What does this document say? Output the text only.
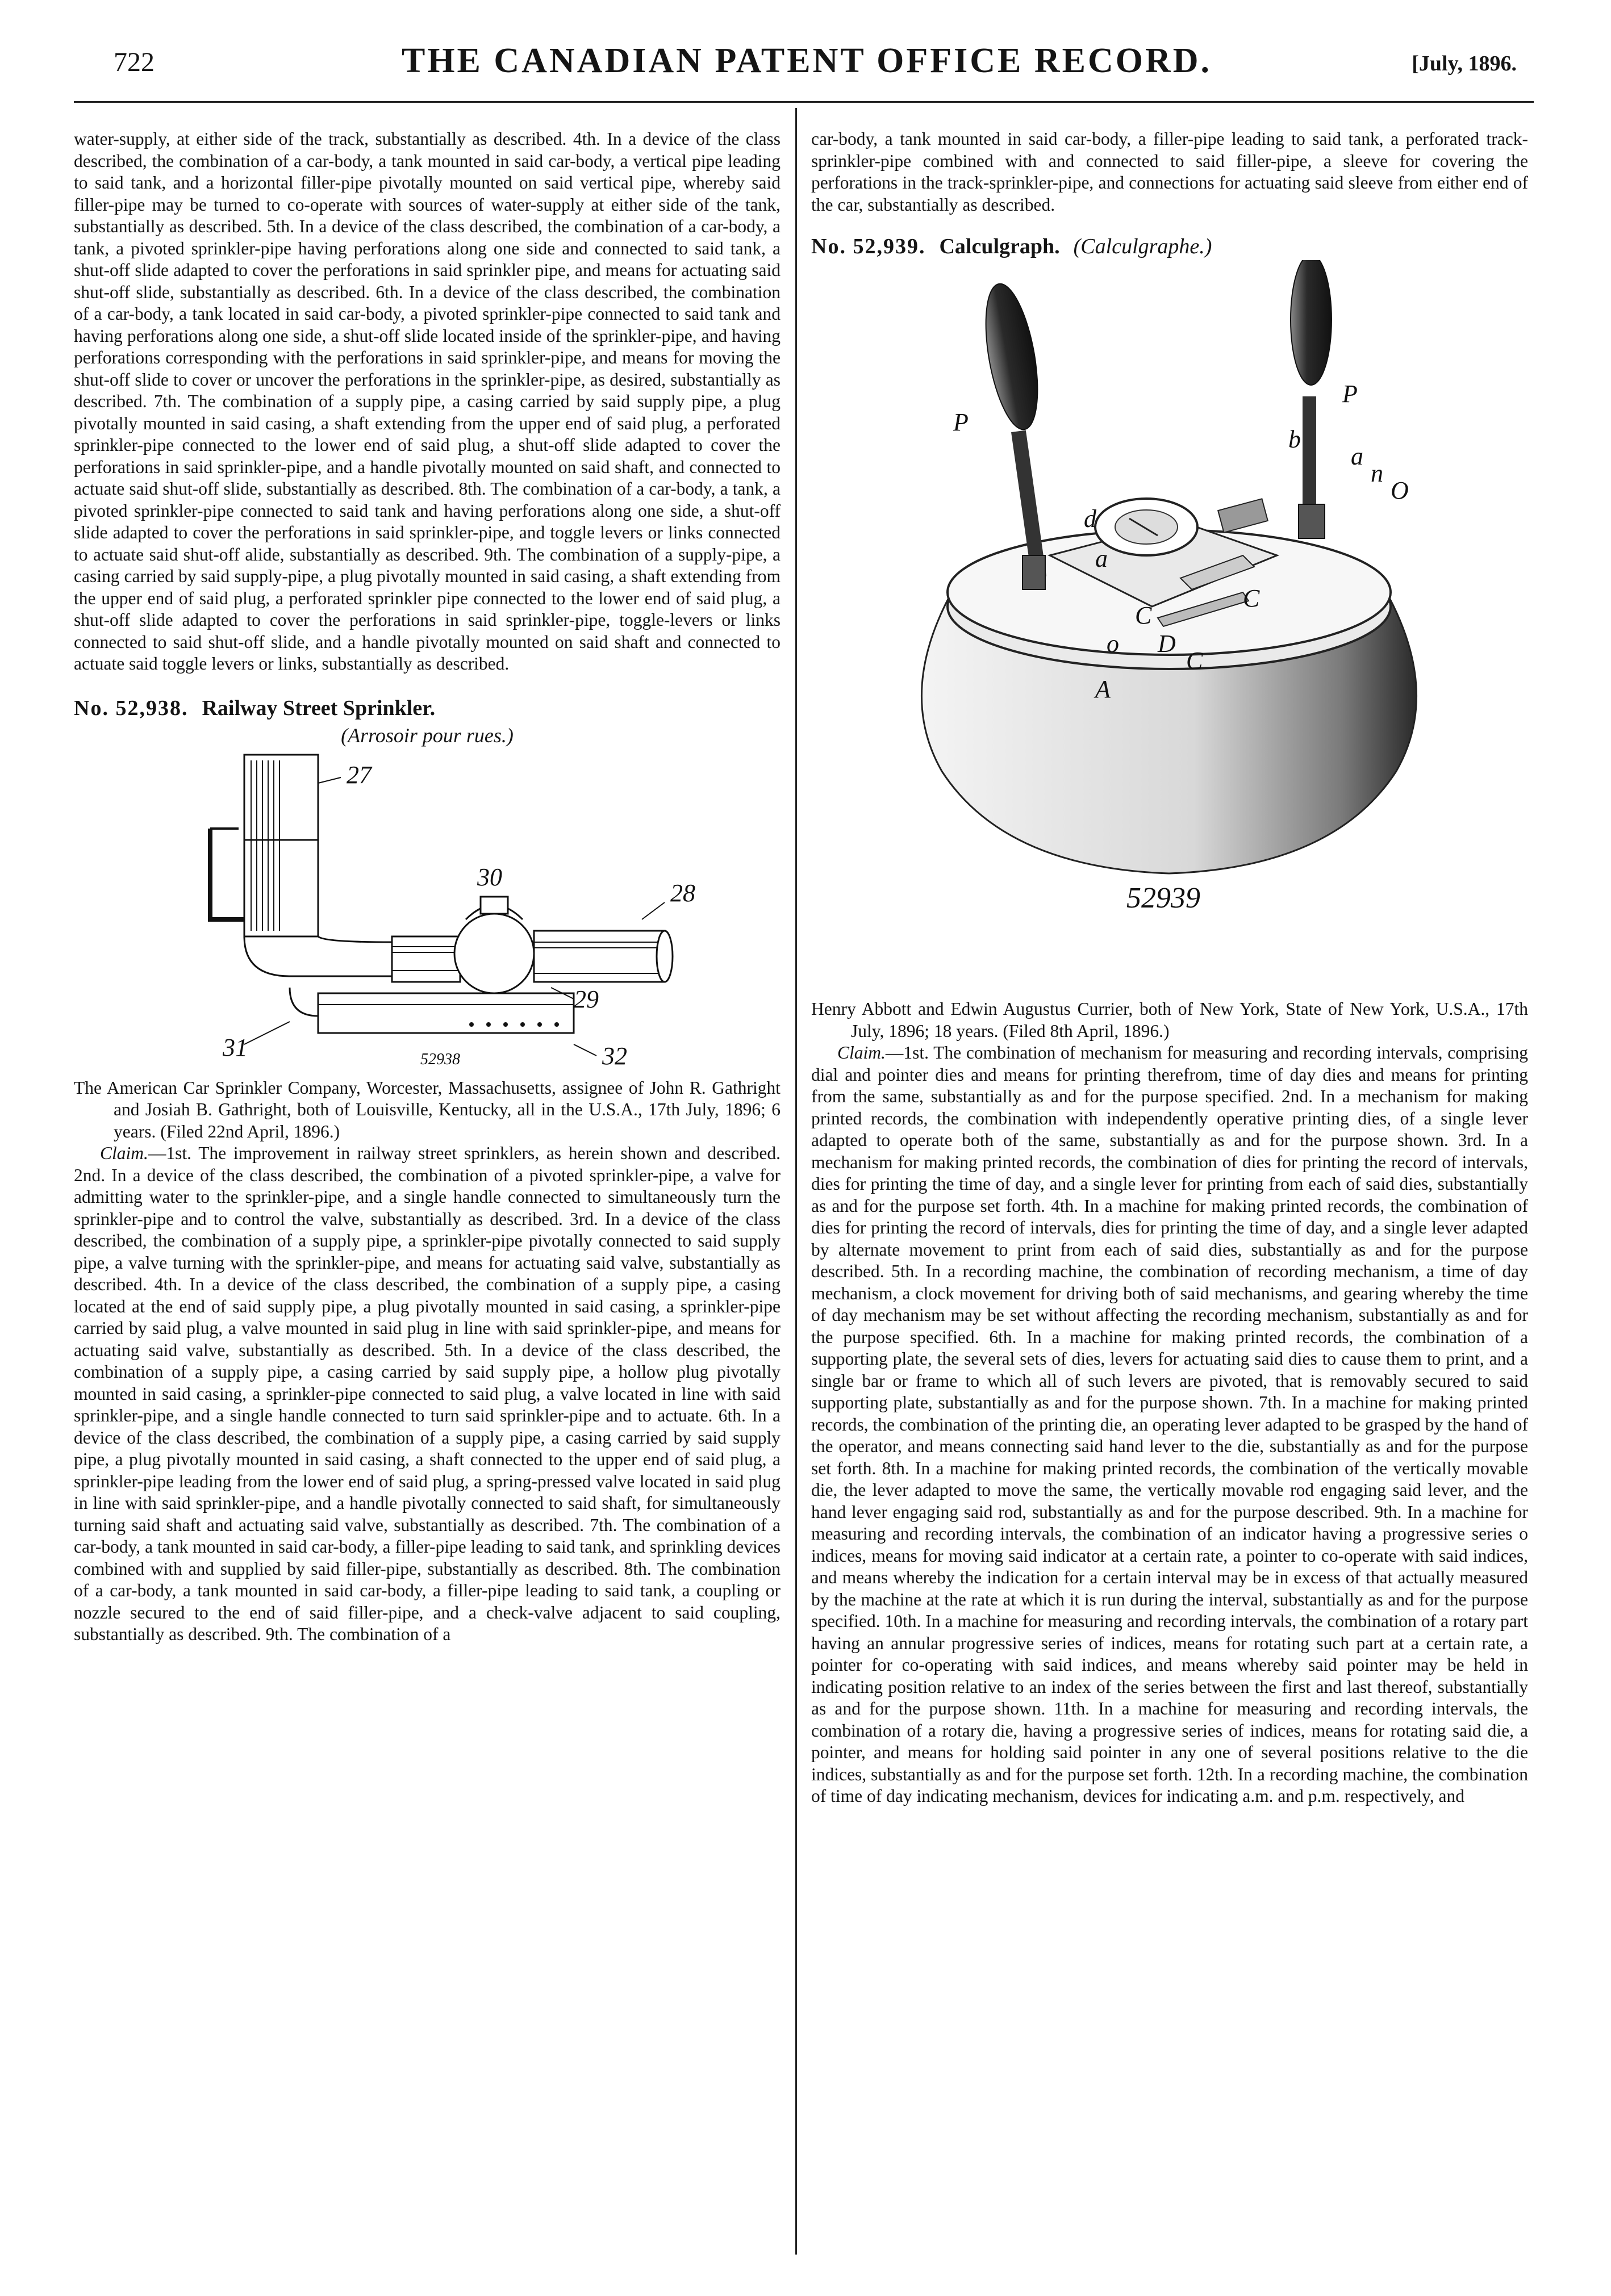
722	THE CANADIAN PATENT OFFICE RECORD.	[July, 1896.

water-supply, at either side of the track, substantially as described. 4th. In a device of the class described, the combination of a car-body, a tank mounted in said car-body, a vertical pipe leading to said tank, and a horizontal filler-pipe pivotally mounted on said vertical pipe, whereby said filler-pipe may be turned to co-operate with sources of water-supply at either side of the tank, substantially as described. 5th. In a device of the class described, the combination of a car-body, a tank, a pivoted sprinkler-pipe having perforations along one side and connected to said tank, a shut-off slide adapted to cover the perforations in said sprinkler pipe, and means for actuating said shut-off slide, substantially as described. 6th. In a device of the class described, the combination of a car-body, a tank located in said car-body, a pivoted sprinkler-pipe connected to said tank and having perforations along one side, a shut-off slide located inside of the sprinkler-pipe, and having perforations corresponding with the perforations in said sprinkler-pipe, and means for moving the shut-off slide to cover or uncover the perforations in the sprinkler-pipe, as desired, substantially as described. 7th. The combination of a supply pipe, a casing carried by said supply pipe, a plug pivotally mounted in said casing, a shaft extending from the upper end of said plug, a perforated sprinkler-pipe connected to the lower end of said plug, a shut-off slide adapted to cover the perforations in said sprinkler-pipe, and a handle pivotally mounted on said shaft, and connected to actuate said shut-off slide, substantially as described. 8th. The combination of a car-body, a tank, a pivoted sprinkler-pipe connected to said tank and having perforations along one side, a shut-off slide adapted to cover the perforations in said sprinkler-pipe, and toggle levers or links connected to actuate said shut-off alide, substantially as described. 9th. The combination of a supply-pipe, a casing carried by said supply-pipe, a plug pivotally mounted in said casing, a shaft extending from the upper end of said plug, a perforated sprinkler pipe connected to the lower end of said plug, a shut-off slide adapted to cover the perforations in said sprinkler-pipe, toggle-levers or links connected to said shut-off slide, and a handle pivotally mounted on said shaft and connected to actuate said toggle levers or links, substantially as described.

No. 52,938. Railway Street Sprinkler.

(Arrosoir pour rues.)

27
30
28
29
31	32
52938

The American Car Sprinkler Company, Worcester, Massachusetts, assignee of John R. Gathright and Josiah B. Gathright, both of Louisville, Kentucky, all in the U.S.A., 17th July, 1896; 6 years. (Filed 22nd April, 1896.)

Claim.—1st. The improvement in railway street sprinklers, as herein shown and described. 2nd. In a device of the class described, the combination of a pivoted sprinkler-pipe, a valve for admitting water to the sprinkler-pipe, and a single handle connected to simultaneously turn the sprinkler-pipe and to control the valve, substantially as described. 3rd. In a device of the class described, the combination of a supply pipe, a sprinkler-pipe pivotally connected to said supply pipe, a valve turning with the sprinkler-pipe, and means for actuating said valve, substantially as described. 4th. In a device of the class described, the combination of a supply pipe, a casing located at the end of said supply pipe, a plug pivotally mounted in said casing, a sprinkler-pipe carried by said plug, a valve mounted in said plug in line with said sprinkler-pipe, and means for actuating said valve, substantially as described. 5th. In a device of the class described, the combination of a supply pipe, a casing carried by said supply pipe, a hollow plug pivotally mounted in said casing, a sprinkler-pipe connected to said plug, a valve located in line with said sprinkler-pipe, and a single handle connected to turn said sprinkler-pipe and to actuate. 6th. In a device of the class described, the combination of a supply pipe, a casing carried by said supply pipe, a plug pivotally mounted in said casing, a shaft connected to the upper end of said plug, a sprinkler-pipe leading from the lower end of said plug, a spring-pressed valve located in said plug in line with said sprinkler-pipe, and a handle pivotally connected to said shaft, for simultaneously turning said shaft and actuating said valve, substantially as described. 7th. The combination of a car-body, a tank mounted in said car-body, a filler-pipe leading to said tank, and sprinkling devices combined with and supplied by said filler-pipe, substantially as described. 8th. The combination of a car-body, a tank mounted in said car-body, a filler-pipe leading to said tank, a coupling or nozzle secured to the end of said filler-pipe, and a check-valve adjacent to said coupling, substantially as described. 9th. The combination of a

car-body, a tank mounted in said car-body, a filler-pipe leading to said tank, a perforated track-sprinkler-pipe combined with and connected to said filler-pipe, a sleeve for covering the perforations in the track-sprinkler-pipe, and connections for actuating said sleeve from either end of the car, substantially as described.

No. 52,939. Calculgraph. (Calculgraphe.)

P
P
b
a
n
O
d
a
C
C
D
C
o
A
52939

Henry Abbott and Edwin Augustus Currier, both of New York, State of New York, U.S.A., 17th July, 1896; 18 years. (Filed 8th April, 1896.)

Claim.—1st. The combination of mechanism for measuring and recording intervals, comprising dial and pointer dies and means for printing therefrom, time of day dies and means for printing from the same, substantially as and for the purpose specified. 2nd. In a mechanism for making printed records, the combination with independently operative printing dies, of a single lever adapted to operate both of the same, substantially as and for the purpose shown. 3rd. In a mechanism for making printed records, the combination of dies for printing the record of intervals, dies for printing the time of day, and a single lever for printing from each of said dies, substantially as and for the purpose set forth. 4th. In a machine for making printed records, the combination of dies for printing the record of intervals, dies for printing the time of day, and a single lever adapted by alternate movement to print from each of said dies, substantially as and for the purpose described. 5th. In a recording machine, the combination of recording mechanism, a time of day mechanism, a clock movement for driving both of said mechanisms, and gearing whereby the time of day mechanism may be set without affecting the recording mechanism, substantially as and for the purpose specified. 6th. In a machine for making printed records, the combination of a supporting plate, the several sets of dies, levers for actuating said dies to cause them to print, and a single bar or frame to which all of such levers are pivoted, that is removably secured to said supporting plate, substantially as and for the purpose shown. 7th. In a machine for making printed records, the combination of the printing die, an operating lever adapted to be grasped by the hand of the operator, and means connecting said hand lever to the die, substantially as and for the purpose set forth. 8th. In a machine for making printed records, the combination of the vertically movable die, the lever adapted to move the same, the vertically movable rod engaging said lever, and the hand lever engaging said rod, substantially as and for the purpose described. 9th. In a machine for measuring and recording intervals, the combination of an indicator having a progressive series o indices, means for moving said indicator at a certain rate, a pointer to co-operate with said indices, and means whereby the indication for a certain interval may be in excess of that actually measured by the machine at the rate at which it is run during the interval, substantially as and for the purpose specified. 10th. In a machine for measuring and recording intervals, the combination of a rotary part having an annular progressive series of indices, means for rotating such part at a certain rate, a pointer for co-operating with said indices, and means whereby said pointer may be held in indicating position relative to an index of the series between the first and last thereof, substantially as and for the purpose shown. 11th. In a machine for measuring and recording intervals, the combination of a rotary die, having a progressive series of indices, means for rotating said die, a pointer, and means for holding said pointer in any one of several positions relative to the die indices, substantially as and for the purpose set forth. 12th. In a recording machine, the combination of time of day indicating mechanism, devices for indicating a.m. and p.m. respectively, and
